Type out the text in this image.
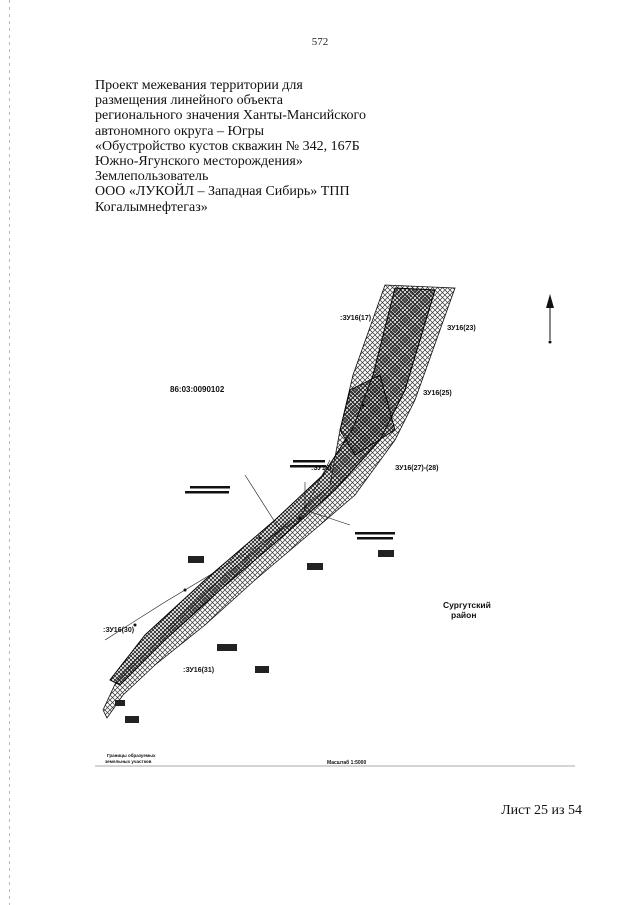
572
Проект межевания территории для
размещения линейного объекта
регионального значения Ханты-Мансийского
автономного округа – Югры
«Обустройство кустов скважин № 342, 167Б
Южно-Ягунского месторождения»
Землепользователь
ООО «ЛУКОЙЛ – Западная Сибирь» ТПП
Когалымнефтегаз»
86:03:0090102
:ЗУ16(17)
ЗУ16(23)
ЗУ16(25)
ЗУ16(27)-(28)
:ЗУ16(
:ЗУ16(30)
:ЗУ16(31)
Сургутский
район
Масштаб 1:5000
Границы образуемых
земельных участков
Лист 25 из 54
